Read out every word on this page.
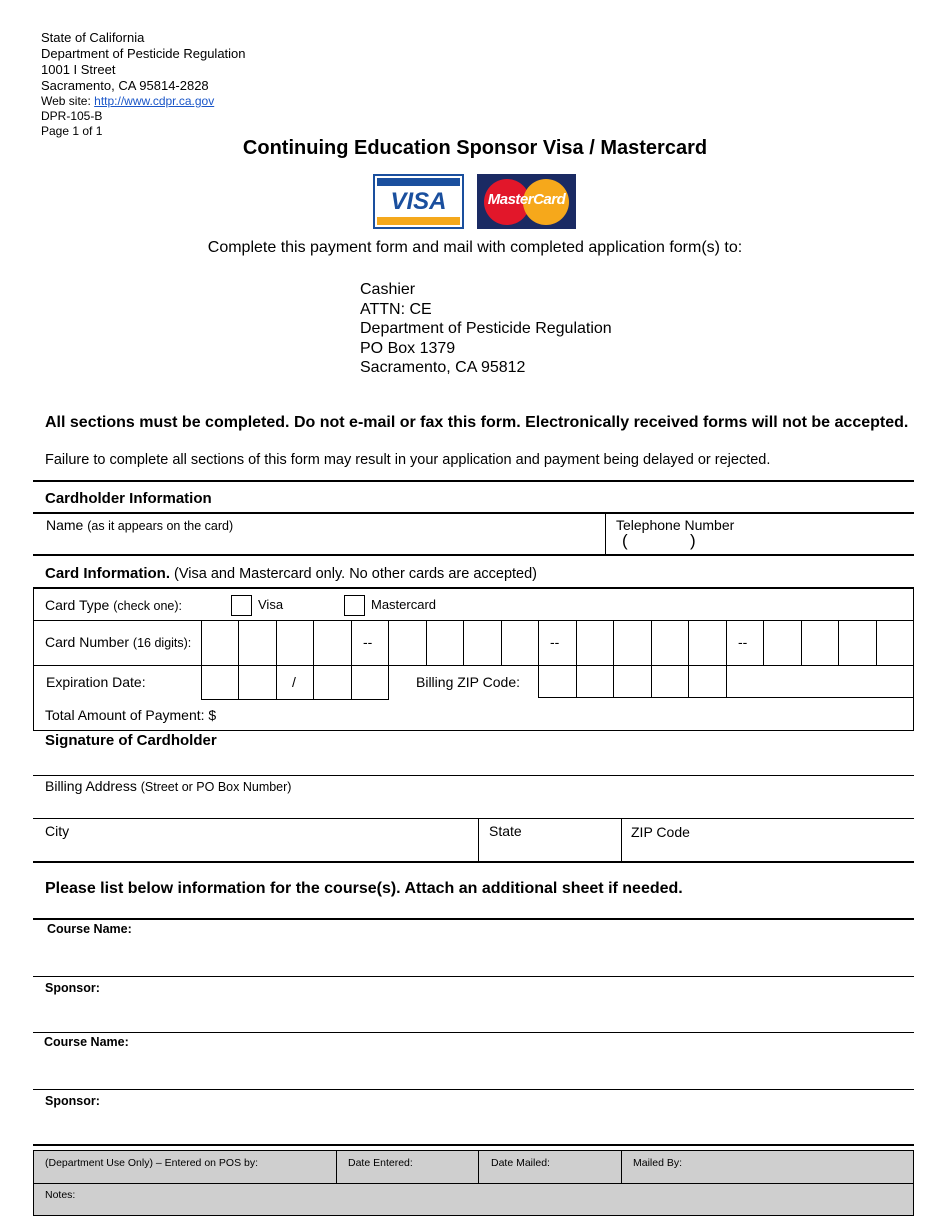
State of California
Department of Pesticide Regulation
1001 I Street
Sacramento, CA 95814-2828
Web site: http://www.cdpr.ca.gov
DPR-105-B
Page 1 of 1
Continuing Education Sponsor Visa / Mastercard
VISA	MasterCard
Complete this payment form and mail with completed application form(s) to:
Cashier
ATTN: CE
Department of Pesticide Regulation
PO Box 1379
Sacramento, CA 95812
All sections must be completed. Do not e-mail or fax this form. Electronically received forms will not be accepted.
Failure to complete all sections of this form may result in your application and payment being delayed or rejected.
Cardholder Information
Name (as it appears on the card)	Telephone Number
(	)
Card Information. (Visa and Mastercard only. No other cards are accepted)
Card Type (check one):	Visa	Mastercard
Card Number (16 digits):	--	--	--
Expiration Date:	/	Billing ZIP Code:
Total Amount of Payment: $
Signature of Cardholder
Billing Address (Street or PO Box Number)
City	State	ZIP Code
Please list below information for the course(s). Attach an additional sheet if needed.
Course Name:
Sponsor:
Course Name:
Sponsor:
(Department Use Only) – Entered on POS by:	Date Entered:	Date Mailed:	Mailed By:
Notes:
